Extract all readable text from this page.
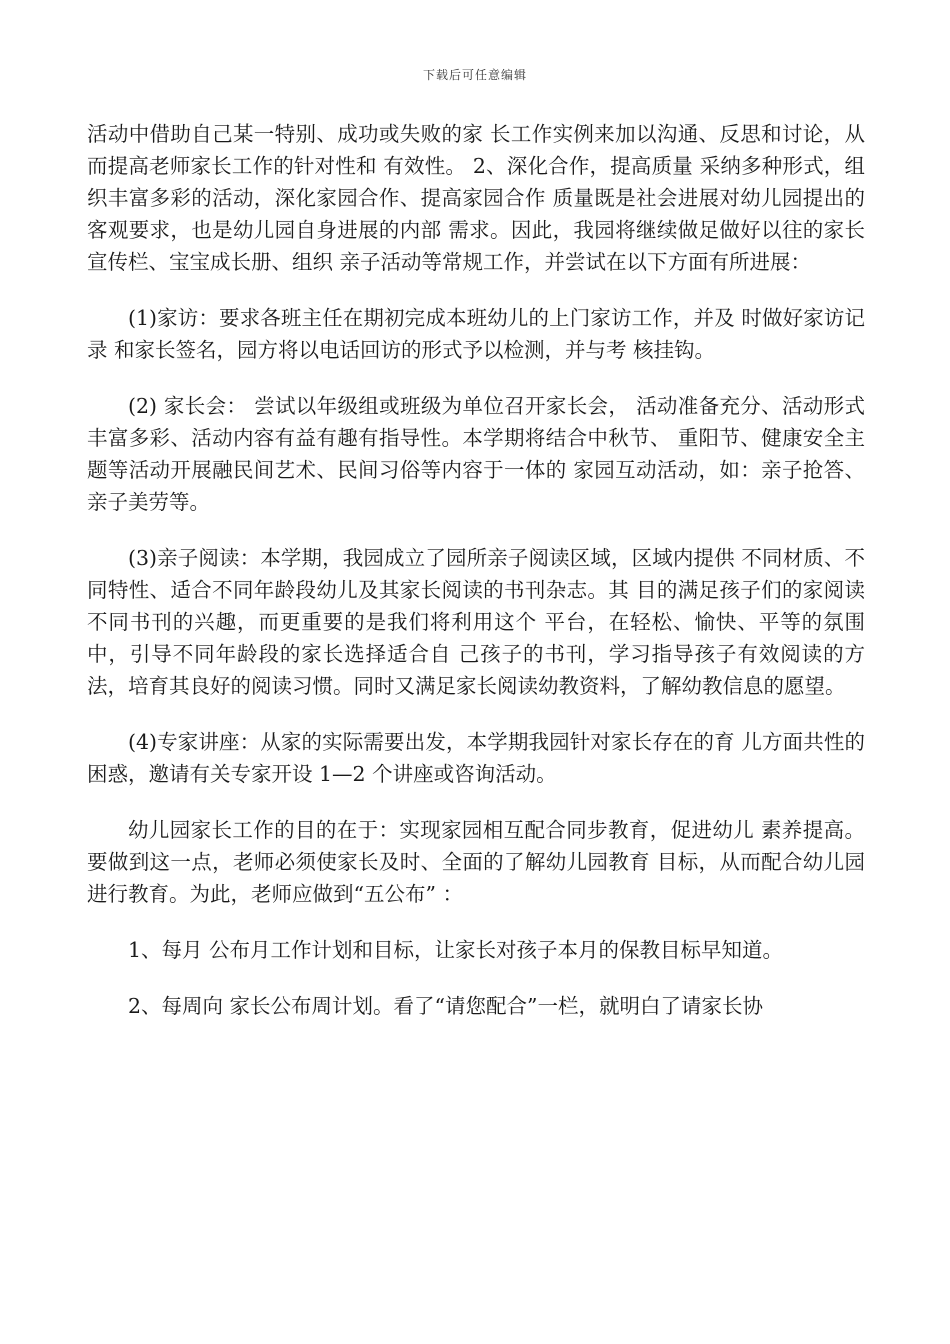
下载后可任意编辑

活动中借助自己某一特别、成功或失败的家 长工作实例来加以沟通、反思和讨论，从而提高老师家长工作的针对性和 有效性。 2、深化合作，提高质量 采纳多种形式，组织丰富多彩的活动，深化家园合作、提高家园合作 质量既是社会进展对幼儿园提出的客观要求，也是幼儿园自身进展的内部 需求。因此，我园将继续做足做好以往的家长宣传栏、宝宝成长册、组织 亲子活动等常规工作，并尝试在以下方面有所进展：

(1)家访：要求各班主任在期初完成本班幼儿的上门家访工作，并及 时做好家访记录 和家长签名，园方将以电话回访的形式予以检测，并与考 核挂钩。

(2) 家长会： 尝试以年级组或班级为单位召开家长会， 活动准备充分、活动形式丰富多彩、活动内容有益有趣有指导性。本学期将结合中秋节、 重阳节、健康安全主题等活动开展融民间艺术、民间习俗等内容于一体的 家园互动活动，如：亲子抢答、亲子美劳等。

(3)亲子阅读：本学期，我园成立了园所亲子阅读区域，区域内提供 不同材质、不同特性、适合不同年龄段幼儿及其家长阅读的书刊杂志。其 目的满足孩子们的家阅读不同书刊的兴趣，而更重要的是我们将利用这个 平台，在轻松、愉快、平等的氛围中，引导不同年龄段的家长选择适合自 己孩子的书刊，学习指导孩子有效阅读的方法，培育其良好的阅读习惯。同时又满足家长阅读幼教资料，了解幼教信息的愿望。

(4)专家讲座：从家的实际需要出发，本学期我园针对家长存在的育 儿方面共性的困惑，邀请有关专家开设 1—2 个讲座或咨询活动。

幼儿园家长工作的目的在于：实现家园相互配合同步教育，促进幼儿 素养提高。要做到这一点，老师必须使家长及时、全面的了解幼儿园教育 目标，从而配合幼儿园进行教育。为此，老师应做到“五公布” ：

1、每月 公布月工作计划和目标，让家长对孩子本月的保教目标早知道。

2、每周向 家长公布周计划。看了“请您配合”一栏，就明白了请家长协
